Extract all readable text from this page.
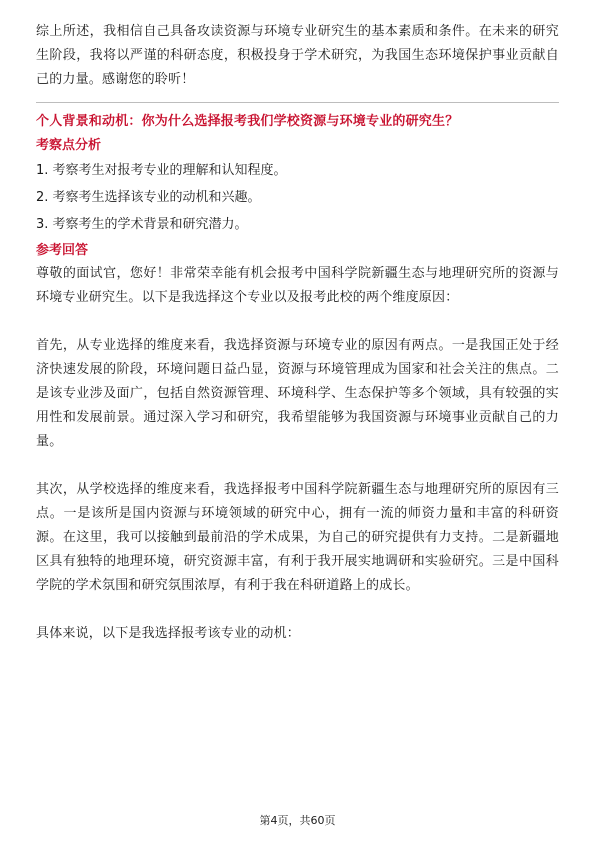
综上所述，我相信自己具备攻读资源与环境专业研究生的基本素质和条件。在未来的研究生阶段，我将以严谨的科研态度，积极投身于学术研究，为我国生态环境保护事业贡献自己的力量。感谢您的聆听！

个人背景和动机：你为什么选择报考我们学校资源与环境专业的研究生？

考察点分析

1. 考察考生对报考专业的理解和认知程度。
2. 考察考生选择该专业的动机和兴趣。
3. 考察考生的学术背景和研究潜力。

参考回答

尊敬的面试官，您好！非常荣幸能有机会报考中国科学院新疆生态与地理研究所的资源与环境专业研究生。以下是我选择这个专业以及报考此校的两个维度原因：

首先，从专业选择的维度来看，我选择资源与环境专业的原因有两点。一是我国正处于经济快速发展的阶段，环境问题日益凸显，资源与环境管理成为国家和社会关注的焦点。二是该专业涉及面广，包括自然资源管理、环境科学、生态保护等多个领域，具有较强的实用性和发展前景。通过深入学习和研究，我希望能够为我国资源与环境事业贡献自己的力量。

其次，从学校选择的维度来看，我选择报考中国科学院新疆生态与地理研究所的原因有三点。一是该所是国内资源与环境领域的研究中心，拥有一流的师资力量和丰富的科研资源。在这里，我可以接触到最前沿的学术成果，为自己的研究提供有力支持。二是新疆地区具有独特的地理环境，研究资源丰富，有利于我开展实地调研和实验研究。三是中国科学院的学术氛围和研究氛围浓厚，有利于我在科研道路上的成长。

具体来说，以下是我选择报考该专业的动机：

第4页，共60页
